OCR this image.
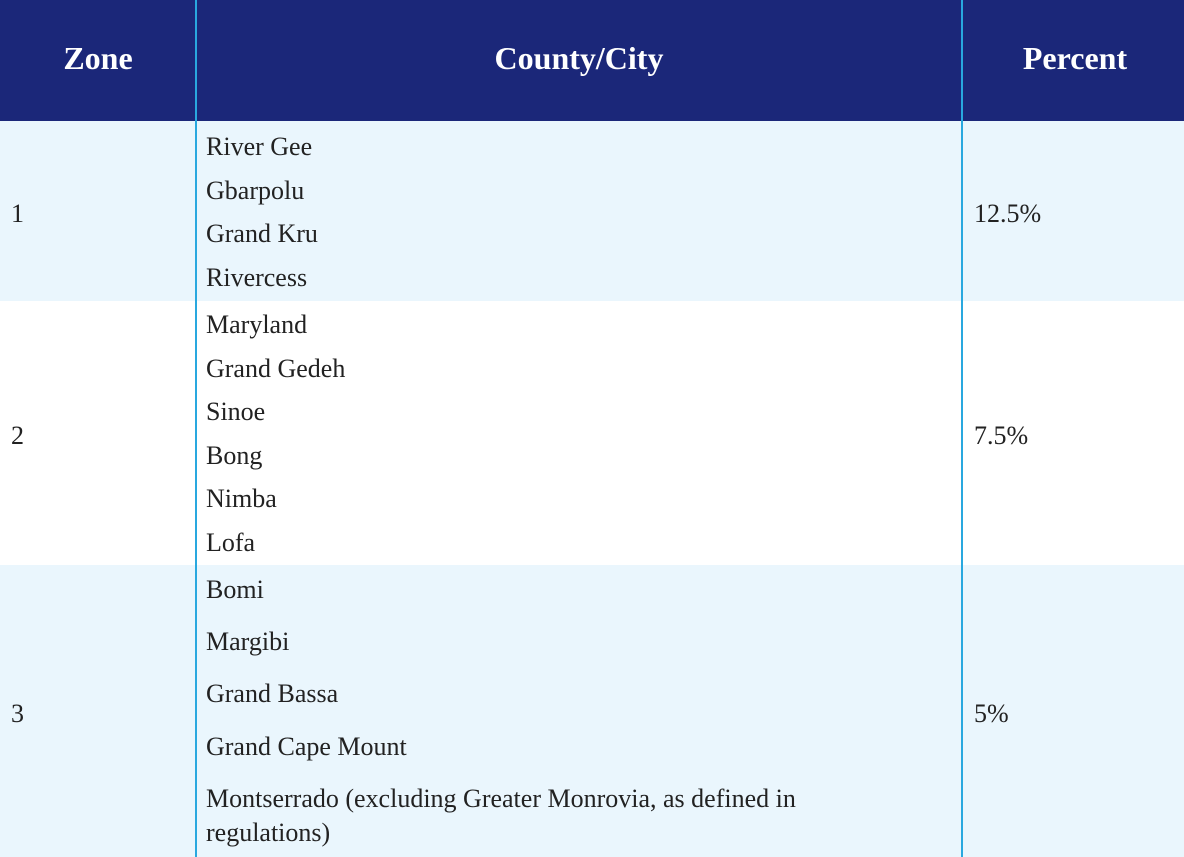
Zone	County/City	Percent
1
River Gee
Gbarpolu
Grand Kru
Rivercess
12.5%
2
Maryland
Grand Gedeh
Sinoe
Bong
Nimba
Lofa
7.5%
3
Bomi
Margibi
Grand Bassa
Grand Cape Mount
Montserrado (excluding Greater Monrovia, as defined in
regulations)
5%
